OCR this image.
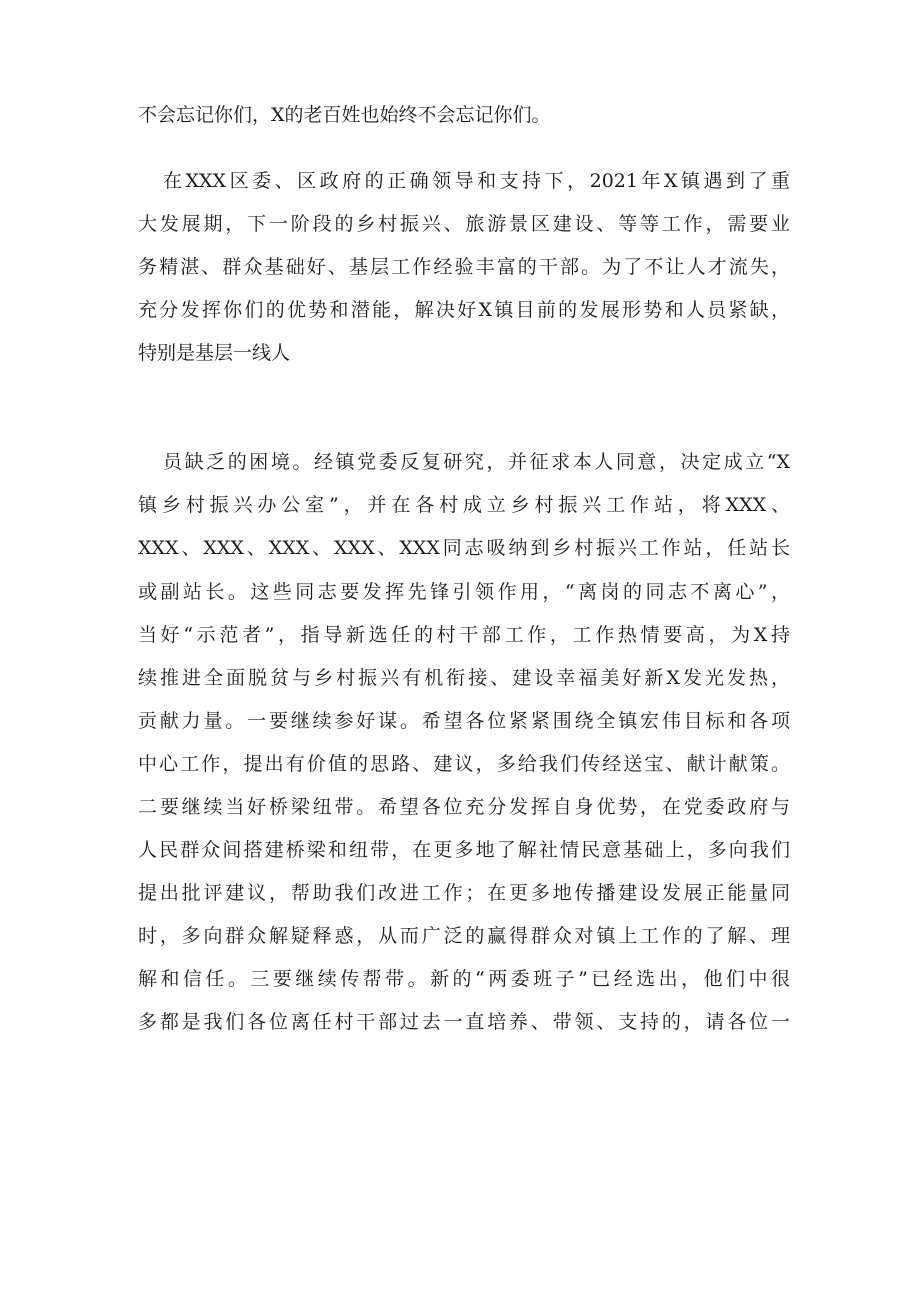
不会忘记你们，X的老百姓也始终不会忘记你们。
在XXX区委、区政府的正确领导和支持下，2021年X镇遇到了重
大发展期，下一阶段的乡村振兴、旅游景区建设、等等工作，需要业
务精湛、群众基础好、基层工作经验丰富的干部。为了不让人才流失，
充分发挥你们的优势和潜能，解决好X镇目前的发展形势和人员紧缺，
特别是基层一线人
员缺乏的困境。经镇党委反复研究，并征求本人同意，决定成立“X
镇乡村振兴办公室”，并在各村成立乡村振兴工作站，将XXX、
XXX、XXX、XXX、XXX、XXX同志吸纳到乡村振兴工作站，任站长
或副站长。这些同志要发挥先锋引领作用，“离岗的同志不离心”，
当好“示范者”，指导新选任的村干部工作，工作热情要高，为X持
续推进全面脱贫与乡村振兴有机衔接、建设幸福美好新X发光发热，
贡献力量。一要继续参好谋。希望各位紧紧围绕全镇宏伟目标和各项
中心工作，提出有价值的思路、建议，多给我们传经送宝、献计献策。
二要继续当好桥梁纽带。希望各位充分发挥自身优势，在党委政府与
人民群众间搭建桥梁和纽带，在更多地了解社情民意基础上，多向我们
提出批评建议，帮助我们改进工作；在更多地传播建设发展正能量同
时，多向群众解疑释惑，从而广泛的赢得群众对镇上工作的了解、理
解和信任。三要继续传帮带。新的“两委班子”已经选出，他们中很
多都是我们各位离任村干部过去一直培养、带领、支持的，请各位一
